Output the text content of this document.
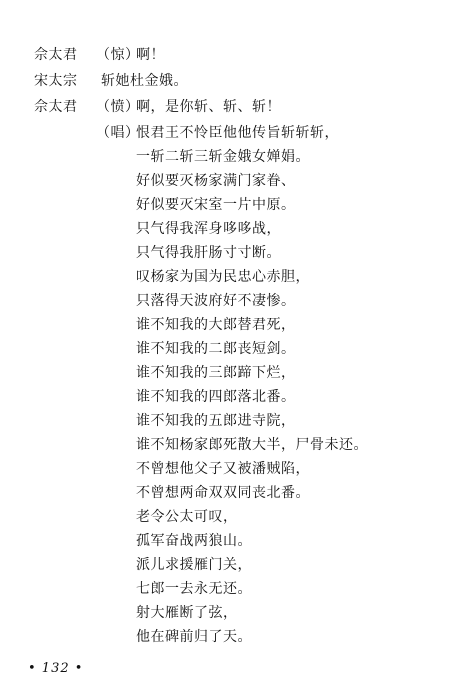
佘太君 （惊）
啊！
宋太宗 斩她杜金娥。
佘太君 （愤）
啊，是你斩、斩、斩！
（唱）
恨君王不怜臣他他传旨斩斩斩，
一斩二斩三斩金娥女婵娟。
好似要灭杨家满门家眷、
好似要灭宋室一片中原。
只气得我浑身哆哆战，
只气得我肝肠寸寸断。
叹杨家为国为民忠心赤胆，
只落得天波府好不凄惨。
谁不知我的大郎替君死，
谁不知我的二郎丧短剑。
谁不知我的三郎蹄下烂，
谁不知我的四郎落北番。
谁不知我的五郎进寺院，
谁不知杨家郎死散大半，尸骨未还。
不曾想他父子又被潘贼陷，
不曾想两命双双同丧北番。
老令公太可叹，
孤军奋战两狼山。
派儿求援雁门关，
七郎一去永无还。
射大雁断了弦，
他在碑前归了天。
• 132 •
